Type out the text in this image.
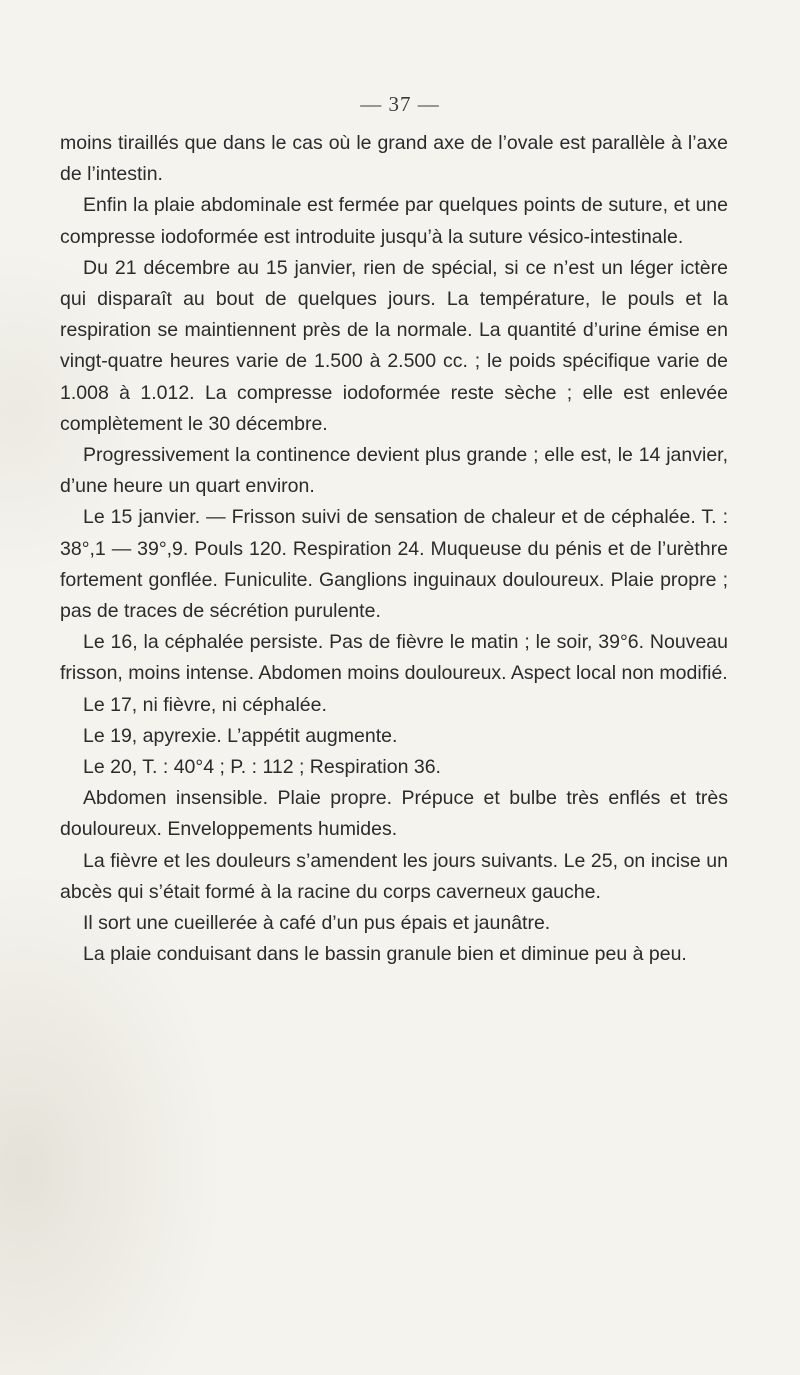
— 37 —

moins tiraillés que dans le cas où le grand axe de l’ovale est parallèle à l’axe de l’intestin.

Enfin la plaie abdominale est fermée par quelques points de suture, et une compresse iodoformée est introduite jusqu’à la suture vésico-intestinale.

Du 21 décembre au 15 janvier, rien de spécial, si ce n’est un léger ictère qui disparaît au bout de quelques jours. La température, le pouls et la respiration se maintiennent près de la normale. La quantité d’urine émise en vingt-quatre heures varie de 1.500 à 2.500 cc. ; le poids spécifique varie de 1.008 à 1.012. La compresse iodoformée reste sèche ; elle est enlevée complètement le 30 décembre.

Progressivement la continence devient plus grande ; elle est, le 14 janvier, d’une heure un quart environ.

Le 15 janvier. — Frisson suivi de sensation de chaleur et de céphalée. T. : 38°,1 — 39°,9. Pouls 120. Respiration 24. Muqueuse du pénis et de l’urèthre fortement gonflée. Funiculite. Ganglions inguinaux douloureux. Plaie propre ; pas de traces de sécrétion purulente.

Le 16, la céphalée persiste. Pas de fièvre le matin ; le soir, 39°6. Nouveau frisson, moins intense. Abdomen moins douloureux. Aspect local non modifié.

Le 17, ni fièvre, ni céphalée.

Le 19, apyrexie. L’appétit augmente.

Le 20, T. : 40°4 ; P. : 112 ; Respiration 36.

Abdomen insensible. Plaie propre. Prépuce et bulbe très enflés et très douloureux. Enveloppements humides.

La fièvre et les douleurs s’amendent les jours suivants. Le 25, on incise un abcès qui s’était formé à la racine du corps caverneux gauche.

Il sort une cueillerée à café d’un pus épais et jaunâtre.

La plaie conduisant dans le bassin granule bien et diminue peu à peu.
